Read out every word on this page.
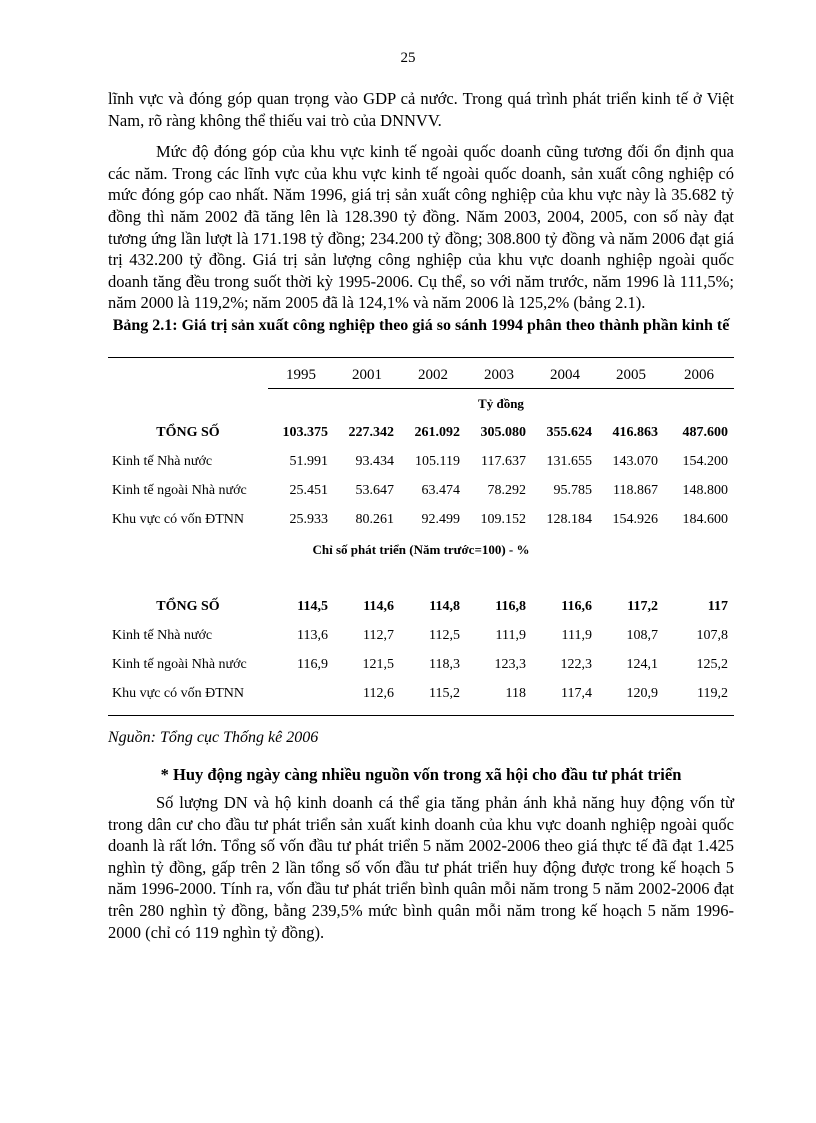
25

lĩnh vực và đóng góp quan trọng vào GDP cả nước. Trong quá trình phát triển kinh tế ở Việt Nam, rõ ràng không thể thiếu vai trò của DNNVV.

Mức độ đóng góp của khu vực kinh tế ngoài quốc doanh cũng tương đối ổn định qua các năm. Trong các lĩnh vực của khu vực kinh tế ngoài quốc doanh, sản xuất công nghiệp có mức đóng góp cao nhất. Năm 1996, giá trị sản xuất công nghiệp của khu vực này là 35.682 tỷ đồng thì năm 2002 đã tăng lên là 128.390 tỷ đồng. Năm 2003, 2004, 2005, con số này đạt tương ứng lần lượt là 171.198 tỷ đồng; 234.200 tỷ đồng; 308.800 tỷ đồng và năm 2006 đạt giá trị 432.200 tỷ đồng. Giá trị sản lượng công nghiệp của khu vực doanh nghiệp ngoài quốc doanh tăng đều trong suốt thời kỳ 1995-2006. Cụ thể, so với năm trước, năm 1996 là 111,5%; năm 2000 là 119,2%; năm 2005 đã là 124,1% và năm 2006 là 125,2% (bảng 2.1).

Bảng 2.1: Giá trị sản xuất công nghiệp theo giá so sánh 1994 phân theo thành phần kinh tế

	1995	2001	2002	2003	2004	2005	2006
	Tỷ đồng						
TỔNG SỐ	103.375	227.342	261.092	305.080	355.624	416.863	487.600
Kinh tế Nhà nước	51.991	93.434	105.119	117.637	131.655	143.070	154.200
Kinh tế ngoài Nhà nước	25.451	53.647	63.474	78.292	95.785	118.867	148.800
Khu vực có vốn ĐTNN	25.933	80.261	92.499	109.152	128.184	154.926	184.600
Chỉ số phát triển (Năm trước=100) - %							

TỔNG SỐ	114,5	114,6	114,8	116,8	116,6	117,2	117
Kinh tế Nhà nước	113,6	112,7	112,5	111,9	111,9	108,7	107,8
Kinh tế ngoài Nhà nước	116,9	121,5	118,3	123,3	122,3	124,1	125,2
Khu vực có vốn ĐTNN		112,6	115,2	118	117,4	120,9	119,2
Nguồn: Tổng cục Thống kê 2006
* Huy động ngày càng nhiều nguồn vốn trong xã hội cho đầu tư phát triển

Số lượng DN và hộ kinh doanh cá thể gia tăng phản ánh khả năng huy động vốn từ trong dân cư cho đầu tư phát triển sản xuất kinh doanh của khu vực doanh nghiệp ngoài quốc doanh là rất lớn. Tổng số vốn đầu tư phát triển 5 năm 2002-2006 theo giá thực tế đã đạt 1.425 nghìn tỷ đồng, gấp trên 2 lần tổng số vốn đầu tư phát triển huy động được trong kế hoạch 5 năm 1996-2000. Tính ra, vốn đầu tư phát triển bình quân mỗi năm trong 5 năm 2002-2006 đạt trên 280 nghìn tỷ đồng, bằng 239,5% mức bình quân mỗi năm trong kế hoạch 5 năm 1996-2000 (chỉ có 119 nghìn tỷ đồng).
